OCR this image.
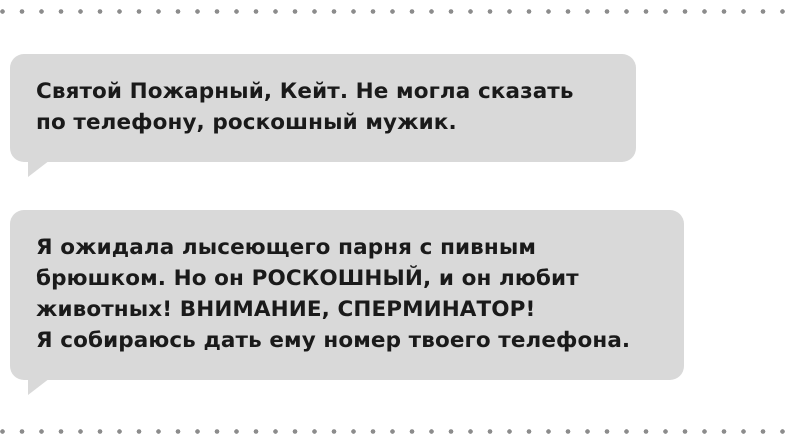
Святой Пожарный, Кейт. Не могла сказать
по телефону, роскошный мужик.
Я ожидала лысеющего парня с пивным
брюшком. Но он РОСКОШНЫЙ, и он любит
животных! ВНИМАНИЕ, СПЕРМИНАТОР!
Я собираюсь дать ему номер твоего телефона.
